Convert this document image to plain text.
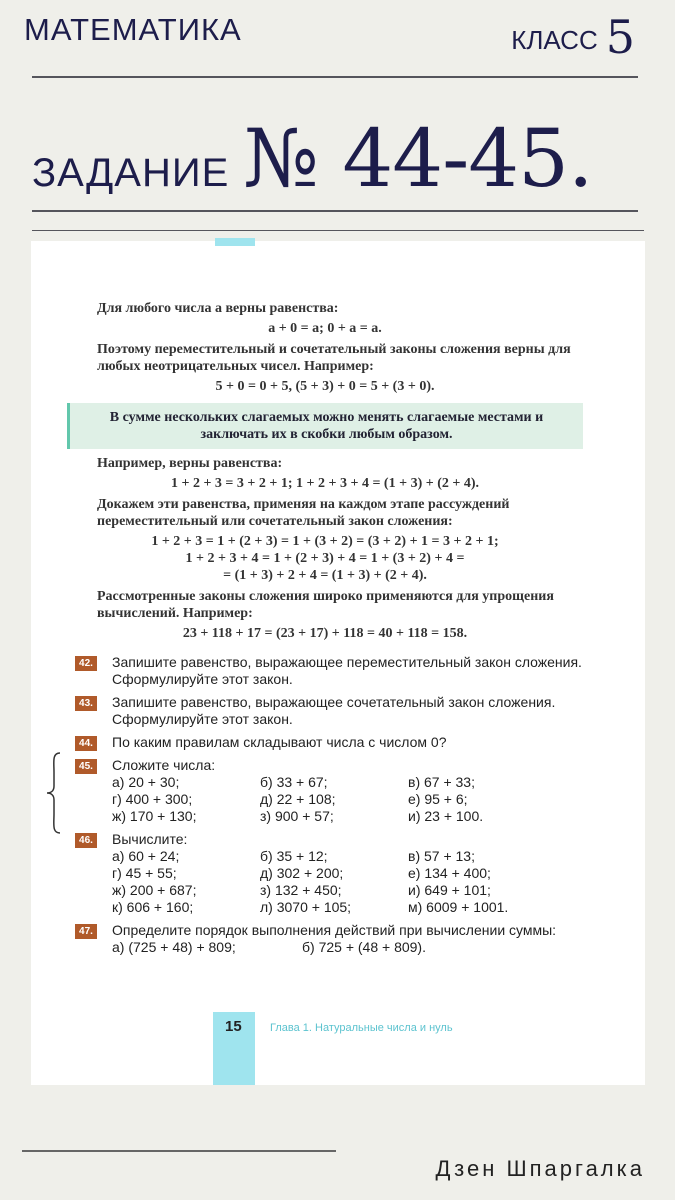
МАТЕМАТИКА	КЛАСС 5
ЗАДАНИЕ № 44-45.
Для любого числа a верны равенства:
a + 0 = a; 0 + a = a.
Поэтому переместительный и сочетательный законы сложения верны для любых неотрицательных чисел. Например:
5 + 0 = 0 + 5, (5 + 3) + 0 = 5 + (3 + 0).
В сумме нескольких слагаемых можно менять слагаемые местами и заключать их в скобки любым образом.
Например, верны равенства:
1 + 2 + 3 = 3 + 2 + 1; 1 + 2 + 3 + 4 = (1 + 3) + (2 + 4).
Докажем эти равенства, применяя на каждом этапе рассуждений переместительный или сочетательный закон сложения:
1 + 2 + 3 = 1 + (2 + 3) = 1 + (3 + 2) = (3 + 2) + 1 = 3 + 2 + 1;
1 + 2 + 3 + 4 = 1 + (2 + 3) + 4 = 1 + (3 + 2) + 4 =
= (1 + 3) + 2 + 4 = (1 + 3) + (2 + 4).
Рассмотренные законы сложения широко применяются для упрощения вычислений. Например:
23 + 118 + 17 = (23 + 17) + 118 = 40 + 118 = 158.
42. Запишите равенство, выражающее переместительный закон сложения. Сформулируйте этот закон.
43. Запишите равенство, выражающее сочетательный закон сложения. Сформулируйте этот закон.
44. По каким правилам складывают числа с числом 0?
45. Сложите числа:
а) 20 + 30;	б) 33 + 67;	в) 67 + 33;
г) 400 + 300;	д) 22 + 108;	е) 95 + 6;
ж) 170 + 130;	з) 900 + 57;	и) 23 + 100.
46. Вычислите:
а) 60 + 24;	б) 35 + 12;	в) 57 + 13;
г) 45 + 55;	д) 302 + 200;	е) 134 + 400;
ж) 200 + 687;	з) 132 + 450;	и) 649 + 101;
к) 606 + 160;	л) 3070 + 105;	м) 6009 + 1001.
47. Определите порядок выполнения действий при вычислении суммы:
а) (725 + 48) + 809;	б) 725 + (48 + 809).
15	Глава 1. Натуральные числа и нуль
Дзен Шпаргалка
